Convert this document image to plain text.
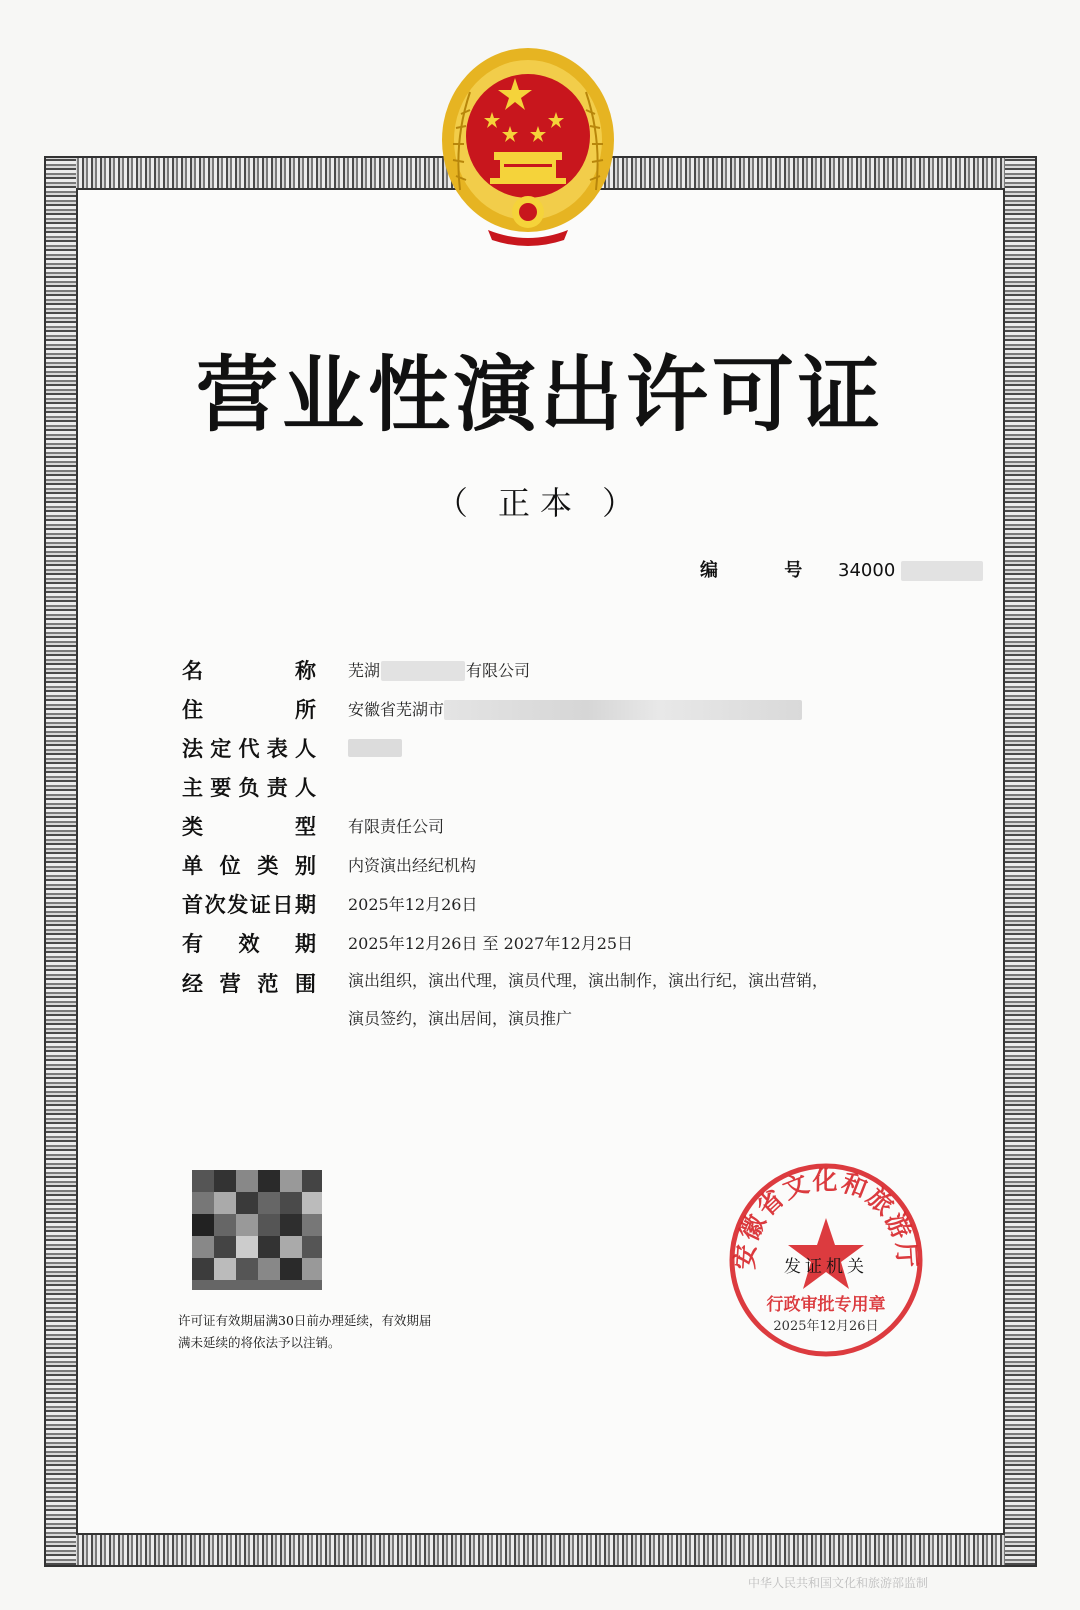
营业性演出许可证
（ 正本 ）
编 号 34000
名	称 芜湖	有限公司
住	所 安徽省芜湖市
法 定 代 表 人
主 要 负 责 人
类	型 有限责任公司
单 位 类 别 内资演出经纪机构
首 次 发 证 日 期 2025年12月26日
有 效 期 2025年12月26日 至 2027年12月25日
经 营 范 围 演出组织，演出代理，演员代理，演出制作，演出行纪，演出营销，演员签约，演出居间，演员推广
许可证有效期届满30日前办理延续，有效期届满未延续的将依法予以注销。
安徽省文化和旅游厅
发证机关
行政审批专用章
2025年12月26日
中华人民共和国文化和旅游部监制
